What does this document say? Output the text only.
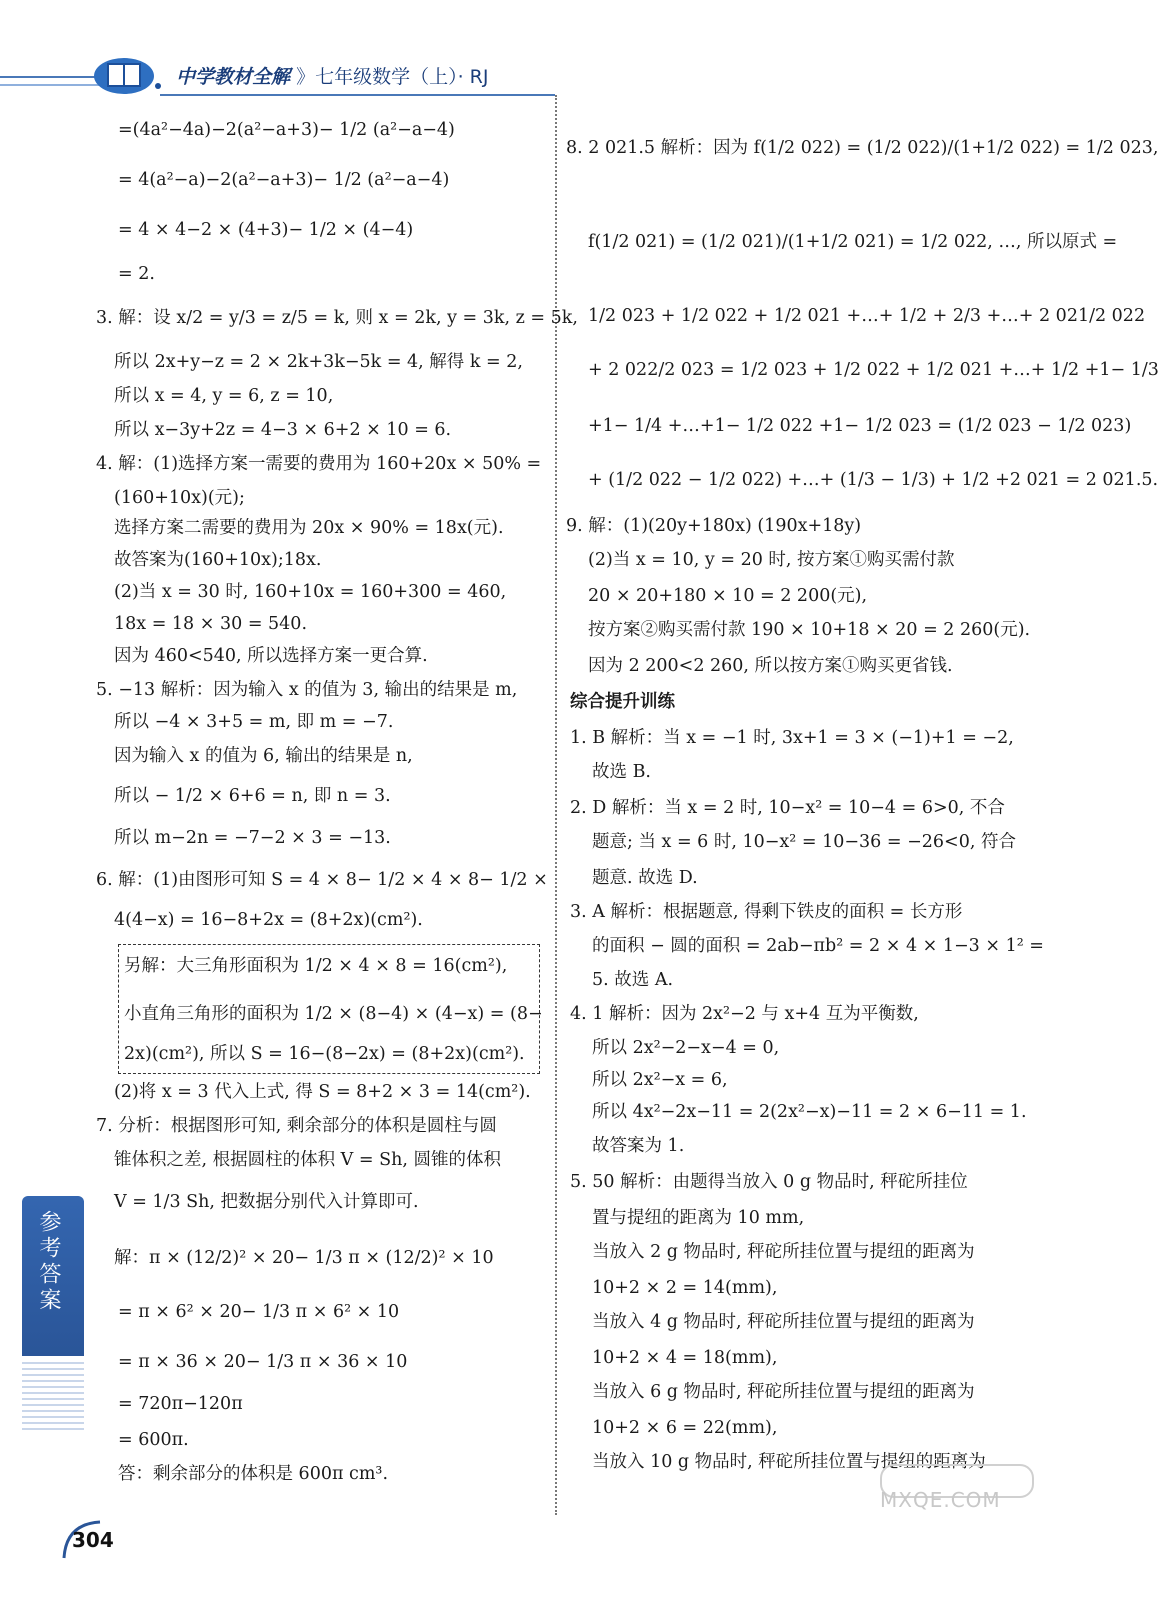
中学教材全解 》七年级数学（上）· RJ
=(4a²−4a)−2(a²−a+3)− 1/2 (a²−a−4)
= 4(a²−a)−2(a²−a+3)− 1/2 (a²−a−4)
= 4 × 4−2 × (4+3)− 1/2 × (4−4)
= 2.
3. 解：设 x/2 = y/3 = z/5 = k, 则 x = 2k, y = 3k, z = 5k,
所以 2x+y−z = 2 × 2k+3k−5k = 4, 解得 k = 2,
所以 x = 4, y = 6, z = 10,
所以 x−3y+2z = 4−3 × 6+2 × 10 = 6.
4. 解：(1)选择方案一需要的费用为 160+20x × 50% =
(160+10x)(元);
选择方案二需要的费用为 20x × 90% = 18x(元).
故答案为(160+10x);18x.
(2)当 x = 30 时, 160+10x = 160+300 = 460,
18x = 18 × 30 = 540.
因为 460<540, 所以选择方案一更合算.
5. −13 解析：因为输入 x 的值为 3, 输出的结果是 m,
所以 −4 × 3+5 = m, 即 m = −7.
因为输入 x 的值为 6, 输出的结果是 n,
所以 − 1/2 × 6+6 = n, 即 n = 3.
所以 m−2n = −7−2 × 3 = −13.
6. 解：(1)由图形可知 S = 4 × 8− 1/2 × 4 × 8− 1/2 ×
4(4−x) = 16−8+2x = (8+2x)(cm²).
另解：大三角形面积为 1/2 × 4 × 8 = 16(cm²),
小直角三角形的面积为 1/2 × (8−4) × (4−x) = (8−
2x)(cm²), 所以 S = 16−(8−2x) = (8+2x)(cm²).
(2)将 x = 3 代入上式, 得 S = 8+2 × 3 = 14(cm²).
7. 分析：根据图形可知, 剩余部分的体积是圆柱与圆
锥体积之差, 根据圆柱的体积 V = Sh, 圆锥的体积
V = 1/3 Sh, 把数据分别代入计算即可.
解：π × (12/2)² × 20− 1/3 π × (12/2)² × 10
= π × 6² × 20− 1/3 π × 6² × 10
= π × 36 × 20− 1/3 π × 36 × 10
= 720π−120π
= 600π.
答：剩余部分的体积是 600π cm³.
8. 2 021.5 解析：因为 f(1/2 022) = (1/2 022)/(1+1/2 022) = 1/2 023,
f(1/2 021) = (1/2 021)/(1+1/2 021) = 1/2 022, …, 所以原式 =
1/2 023 + 1/2 022 + 1/2 021 +…+ 1/2 + 2/3 +…+ 2 021/2 022
+ 2 022/2 023 = 1/2 023 + 1/2 022 + 1/2 021 +…+ 1/2 +1− 1/3
+1− 1/4 +…+1− 1/2 022 +1− 1/2 023 = (1/2 023 − 1/2 023)
+ (1/2 022 − 1/2 022) +…+ (1/3 − 1/3) + 1/2 +2 021 = 2 021.5.
9. 解：(1)(20y+180x) (190x+18y)
(2)当 x = 10, y = 20 时, 按方案①购买需付款
20 × 20+180 × 10 = 2 200(元),
按方案②购买需付款 190 × 10+18 × 20 = 2 260(元).
因为 2 200<2 260, 所以按方案①购买更省钱.
综合提升训练
1. B 解析：当 x = −1 时, 3x+1 = 3 × (−1)+1 = −2,
故选 B.
2. D 解析：当 x = 2 时, 10−x² = 10−4 = 6>0, 不合
题意; 当 x = 6 时, 10−x² = 10−36 = −26<0, 符合
题意. 故选 D.
3. A 解析：根据题意, 得剩下铁皮的面积 = 长方形
的面积 − 圆的面积 = 2ab−πb² = 2 × 4 × 1−3 × 1² =
5. 故选 A.
4. 1 解析：因为 2x²−2 与 x+4 互为平衡数,
所以 2x²−2−x−4 = 0,
所以 2x²−x = 6,
所以 4x²−2x−11 = 2(2x²−x)−11 = 2 × 6−11 = 1.
故答案为 1.
5. 50 解析：由题得当放入 0 g 物品时, 秤砣所挂位
置与提纽的距离为 10 mm,
当放入 2 g 物品时, 秤砣所挂位置与提纽的距离为
10+2 × 2 = 14(mm),
当放入 4 g 物品时, 秤砣所挂位置与提纽的距离为
10+2 × 4 = 18(mm),
当放入 6 g 物品时, 秤砣所挂位置与提纽的距离为
10+2 × 6 = 22(mm),
当放入 10 g 物品时, 秤砣所挂位置与提纽的距离为
参考答案
304
MXQE.COM
